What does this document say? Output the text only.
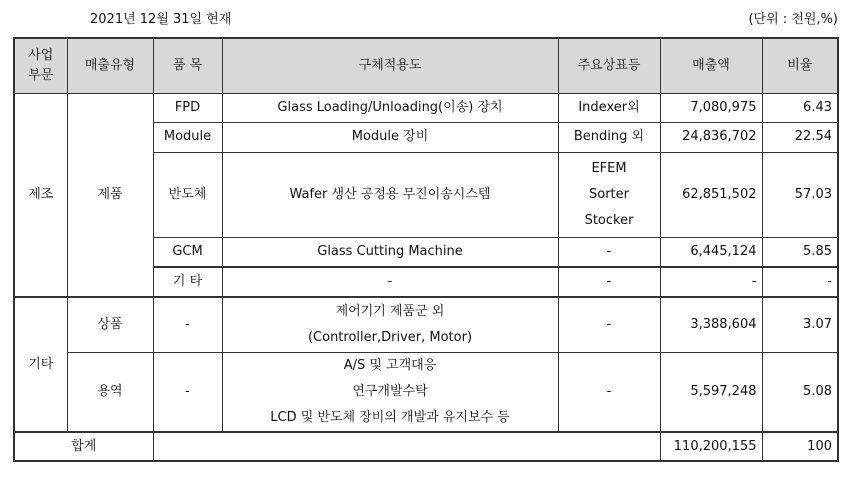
2021년 12월 31일 현재	(단위 : 천원,%)
사업
부문	매출유형	품 목	구체적용도	주요상표등	매출액	비율
제조	제품	FPD	Glass Loading/Unloading(이송) 장치	Indexer외	7,080,975	6.43
		Module	Module 장비	Bending 외	24,836,702	22.54
		반도체	Wafer 생산 공정용 무진이송시스템	EFEM
Sorter
Stocker	62,851,502	57.03
		GCM	Glass Cutting Machine	-	6,445,124	5.85
		기 타	-	-	-	-
기타	상품	-	제어기기 제품군 외
(Controller,Driver, Motor)	-	3,388,604	3.07
	용역	-	A/S 및 고객대응
연구개발수탁
LCD 및 반도체 장비의 개발과 유지보수 등	-	5,597,248	5.08
합계					110,200,155	100
